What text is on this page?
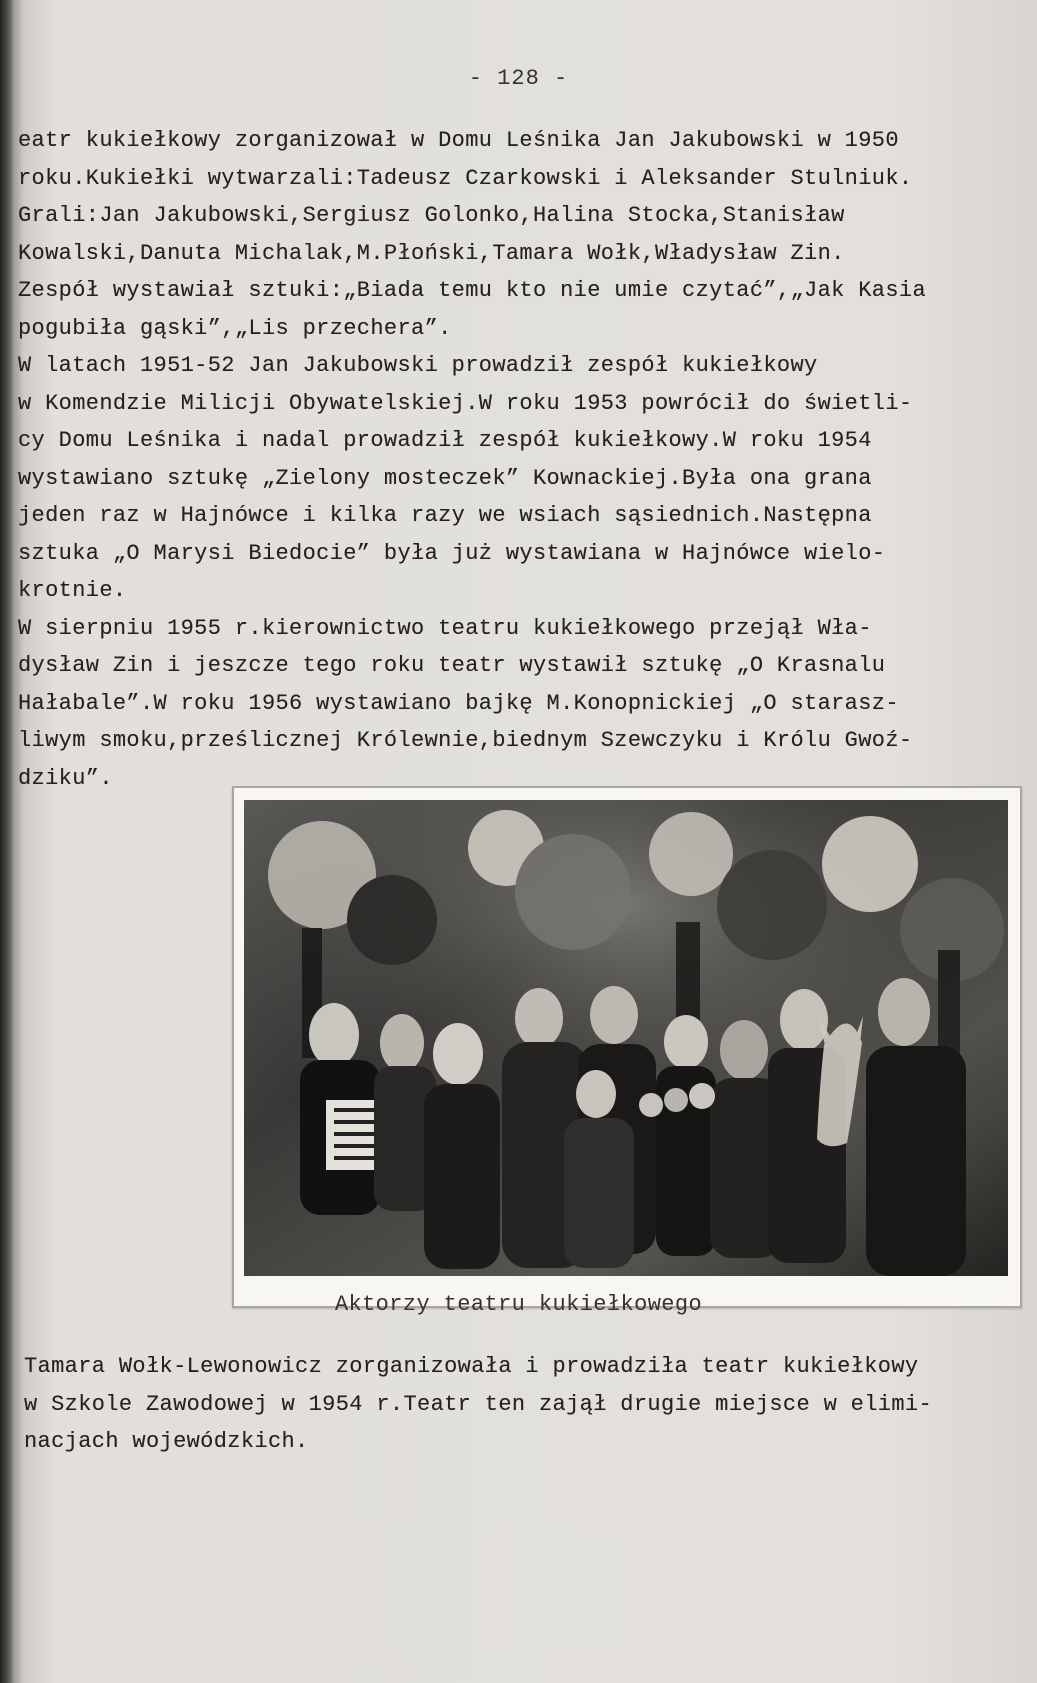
- 128 -

eatr kukiełkowy zorganizował w Domu Leśnika Jan Jakubowski w 1950

roku.Kukiełki wytwarzali:Tadeusz Czarkowski i Aleksander Stulniuk.

Grali:Jan Jakubowski,Sergiusz Golonko,Halina Stocka,Stanisław

Kowalski,Danuta Michalak,M.Płoński,Tamara Wołk,Władysław Zin.

Zespół wystawiał sztuki:„Biada temu kto nie umie czytać”,„Jak Kasia

pogubiła gąski”,„Lis przechera”.

W latach 1951-52 Jan Jakubowski prowadził zespół kukiełkowy

w Komendzie Milicji Obywatelskiej.W roku 1953 powrócił do świetli-

cy Domu Leśnika i nadal prowadził zespół kukiełkowy.W roku 1954

wystawiano sztukę „Zielony mosteczek” Kownackiej.Była ona grana

jeden raz w Hajnówce i kilka razy we wsiach sąsiednich.Następna

sztuka „O Marysi Biedocie” była już wystawiana w Hajnówce wielo-

krotnie.

W sierpniu 1955 r.kierownictwo teatru kukiełkowego przejął Wła-

dysław Zin i jeszcze tego roku teatr wystawił sztukę „O Krasnalu

Hałabale”.W roku 1956 wystawiano bajkę M.Konopnickiej „O starasz-

liwym smoku,prześlicznej Królewnie,biednym Szewczyku i Królu Gwoź-

dziku”.

Aktorzy teatru kukiełkowego

Tamara Wołk-Lewonowicz zorganizowała i prowadziła teatr kukiełkowy

w Szkole Zawodowej w 1954 r.Teatr ten zajął drugie miejsce w elimi-

nacjach wojewódzkich.
